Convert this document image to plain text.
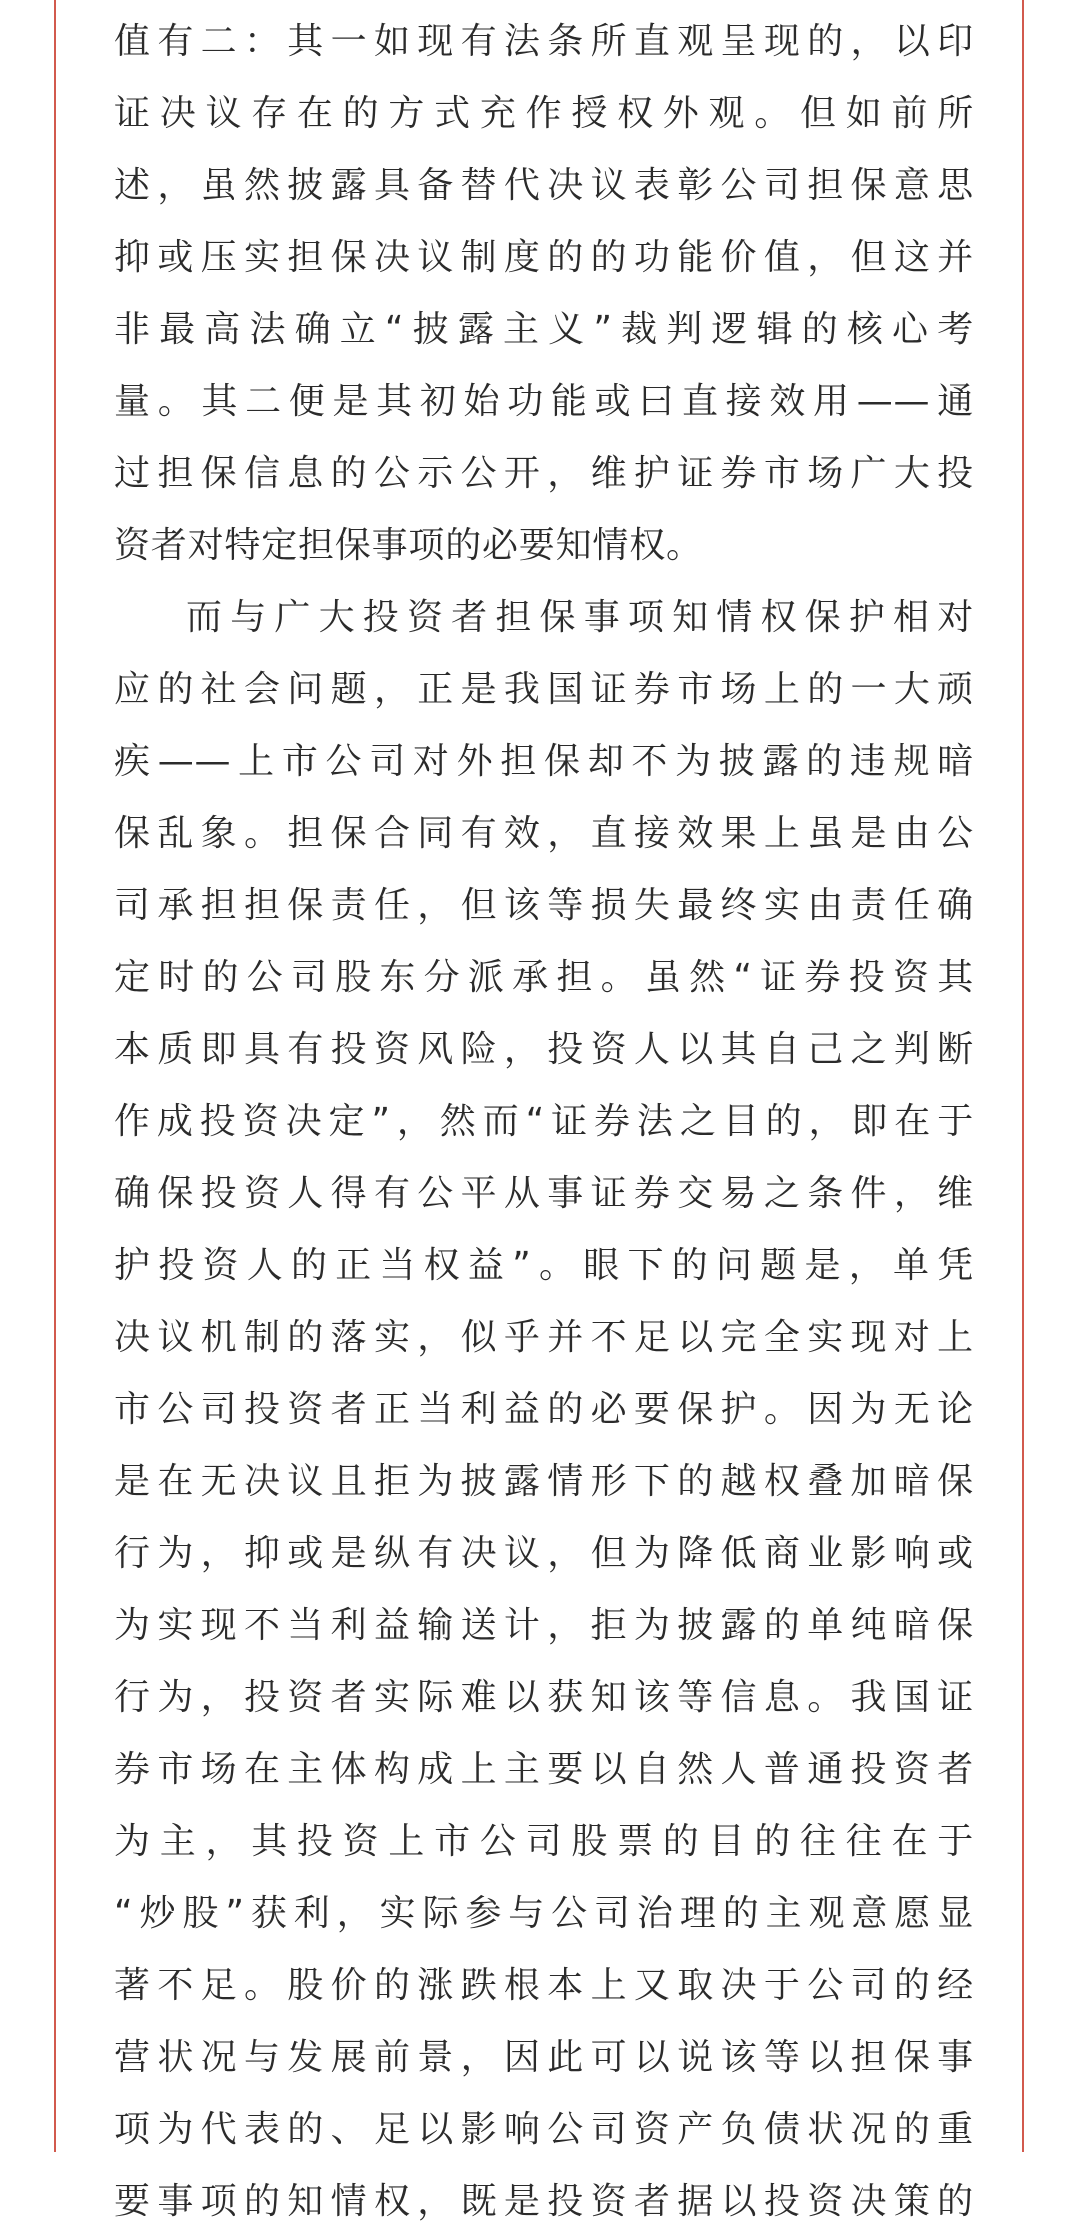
值有二：其一如现有法条所直观呈现的，以印
证决议存在的方式充作授权外观。但如前所
述，虽然披露具备替代决议表彰公司担保意思
抑或压实担保决议制度的的功能价值，但这并
非最高法确立“披露主义”裁判逻辑的核心考
量。其二便是其初始功能或曰直接效用——通
过担保信息的公示公开，维护证券市场广大投
资者对特定担保事项的必要知情权。
而与广大投资者担保事项知情权保护相对
应的社会问题，正是我国证券市场上的一大顽
疾——上市公司对外担保却不为披露的违规暗
保乱象。担保合同有效，直接效果上虽是由公
司承担担保责任，但该等损失最终实由责任确
定时的公司股东分派承担。虽然“证券投资其
本质即具有投资风险，投资人以其自己之判断
作成投资决定”，然而“证券法之目的，即在于
确保投资人得有公平从事证券交易之条件，维
护投资人的正当权益”。眼下的问题是，单凭
决议机制的落实，似乎并不足以完全实现对上
市公司投资者正当利益的必要保护。因为无论
是在无决议且拒为披露情形下的越权叠加暗保
行为，抑或是纵有决议，但为降低商业影响或
为实现不当利益输送计，拒为披露的单纯暗保
行为，投资者实际难以获知该等信息。我国证
券市场在主体构成上主要以自然人普通投资者
为主，其投资上市公司股票的目的往往在于
“炒股”获利，实际参与公司治理的主观意愿显
著不足。股价的涨跌根本上又取决于公司的经
营状况与发展前景，因此可以说该等以担保事
项为代表的、足以影响公司资产负债状况的重
要事项的知情权，既是投资者据以投资决策的
